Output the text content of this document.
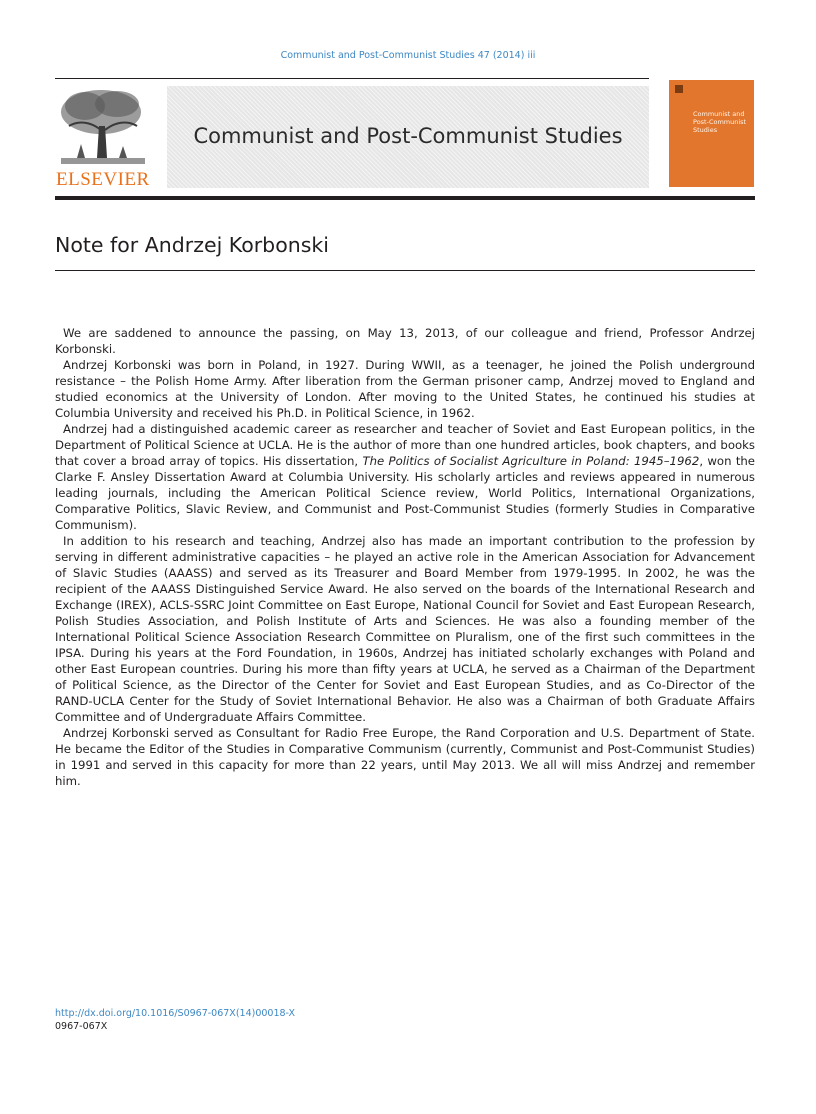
Communist and Post-Communist Studies 47 (2014) iii
ELSEVIER
Communist and Post-Communist Studies
Communist and
Post-Communist
Studies
Note for Andrzej Korbonski

We are saddened to announce the passing, on May 13, 2013, of our colleague and friend, Professor Andrzej Korbonski.

Andrzej Korbonski was born in Poland, in 1927. During WWII, as a teenager, he joined the Polish underground resistance – the Polish Home Army. After liberation from the German prisoner camp, Andrzej moved to England and studied economics at the University of London. After moving to the United States, he continued his studies at Columbia University and received his Ph.D. in Political Science, in 1962.

Andrzej had a distinguished academic career as researcher and teacher of Soviet and East European politics, in the Department of Political Science at UCLA. He is the author of more than one hundred articles, book chapters, and books that cover a broad array of topics. His dissertation, The Politics of Socialist Agriculture in Poland: 1945–1962, won the Clarke F. Ansley Dissertation Award at Columbia University. His scholarly articles and reviews appeared in numerous leading journals, including the American Political Science review, World Politics, International Organizations, Comparative Politics, Slavic Review, and Communist and Post-Communist Studies (formerly Studies in Comparative Communism).

In addition to his research and teaching, Andrzej also has made an important contribution to the profession by serving in different administrative capacities – he played an active role in the American Association for Advancement of Slavic Studies (AAASS) and served as its Treasurer and Board Member from 1979-1995. In 2002, he was the recipient of the AAASS Distinguished Service Award. He also served on the boards of the International Research and Exchange (IREX), ACLS-SSRC Joint Committee on East Europe, National Council for Soviet and East European Research, Polish Studies Association, and Polish Institute of Arts and Sciences. He was also a founding member of the International Political Science Association Research Committee on Pluralism, one of the first such committees in the IPSA. During his years at the Ford Foundation, in 1960s, Andrzej has initiated scholarly exchanges with Poland and other East European countries. During his more than fifty years at UCLA, he served as a Chairman of the Department of Political Science, as the Director of the Center for Soviet and East European Studies, and as Co-Director of the RAND-UCLA Center for the Study of Soviet International Behavior. He also was a Chairman of both Graduate Affairs Committee and of Undergraduate Affairs Committee.

Andrzej Korbonski served as Consultant for Radio Free Europe, the Rand Corporation and U.S. Department of State. He became the Editor of the Studies in Comparative Communism (currently, Communist and Post-Communist Studies) in 1991 and served in this capacity for more than 22 years, until May 2013. We all will miss Andrzej and remember him.

http://dx.doi.org/10.1016/S0967-067X(14)00018-X
0967-067X
